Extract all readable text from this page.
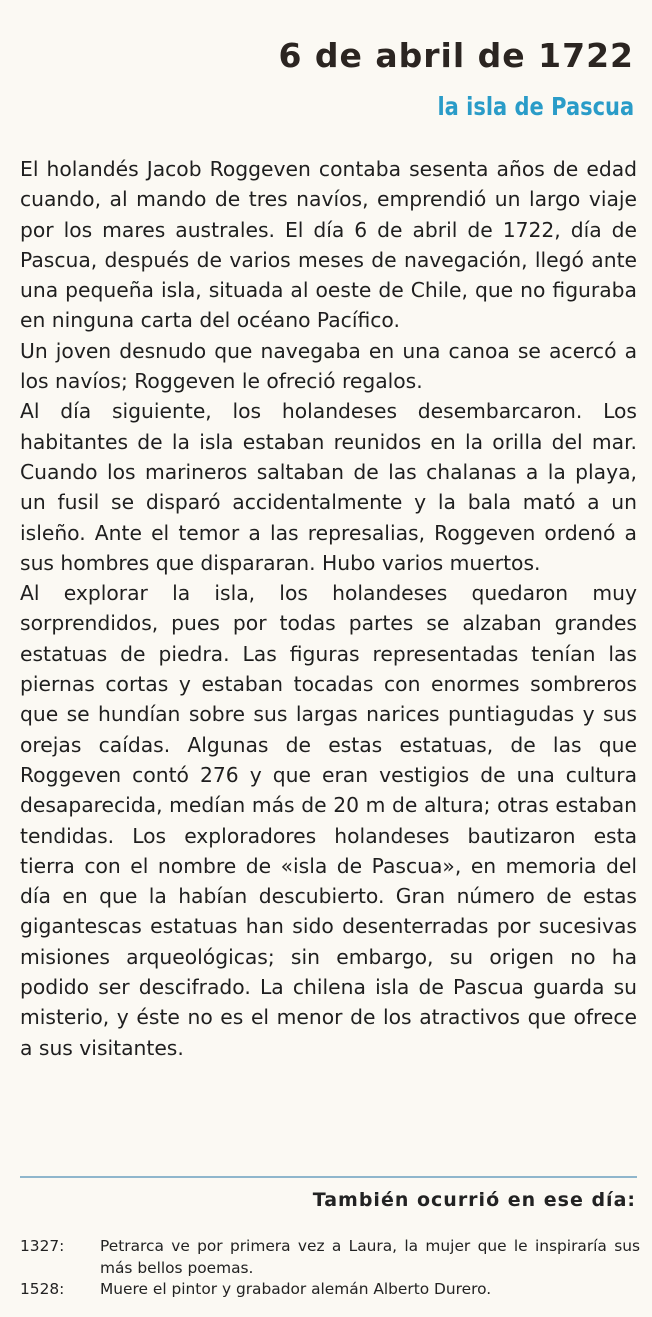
6 de abril de 1722
la isla de Pascua

El holandés Jacob Roggeven contaba sesenta años de edad cuando, al mando de tres navíos, emprendió un largo viaje por los mares australes. El día 6 de abril de 1722, día de Pascua, después de varios meses de navegación, llegó ante una pequeña isla, situada al oeste de Chile, que no figuraba en ninguna carta del océano Pacífico.

Un joven desnudo que navegaba en una canoa se acercó a los navíos; Roggeven le ofreció regalos.

Al día siguiente, los holandeses desembarcaron. Los habitantes de la isla estaban reunidos en la orilla del mar. Cuando los marineros saltaban de las chalanas a la playa, un fusil se disparó accidentalmente y la bala mató a un isleño. Ante el temor a las represalias, Roggeven ordenó a sus hombres que dispararan. Hubo varios muertos.

Al explorar la isla, los holandeses quedaron muy sorprendidos, pues por todas partes se alzaban grandes estatuas de piedra. Las figuras representadas tenían las piernas cortas y estaban tocadas con enormes sombreros que se hundían sobre sus largas narices puntiagudas y sus orejas caídas. Algunas de estas estatuas, de las que Roggeven contó 276 y que eran vestigios de una cultura desaparecida, medían más de 20 m de altura; otras estaban tendidas. Los exploradores holandeses bautizaron esta tierra con el nombre de «isla de Pascua», en memoria del día en que la habían descubierto. Gran número de estas gigantescas estatuas han sido desenterradas por sucesivas misiones arqueológicas; sin embargo, su origen no ha podido ser descifrado. La chilena isla de Pascua guarda su misterio, y éste no es el menor de los atractivos que ofrece a sus visitantes.

También ocurrió en ese día:
1327:	Petrarca ve por primera vez a Laura, la mujer que le inspiraría sus más bellos poemas.
1528:	Muere el pintor y grabador alemán Alberto Durero.
